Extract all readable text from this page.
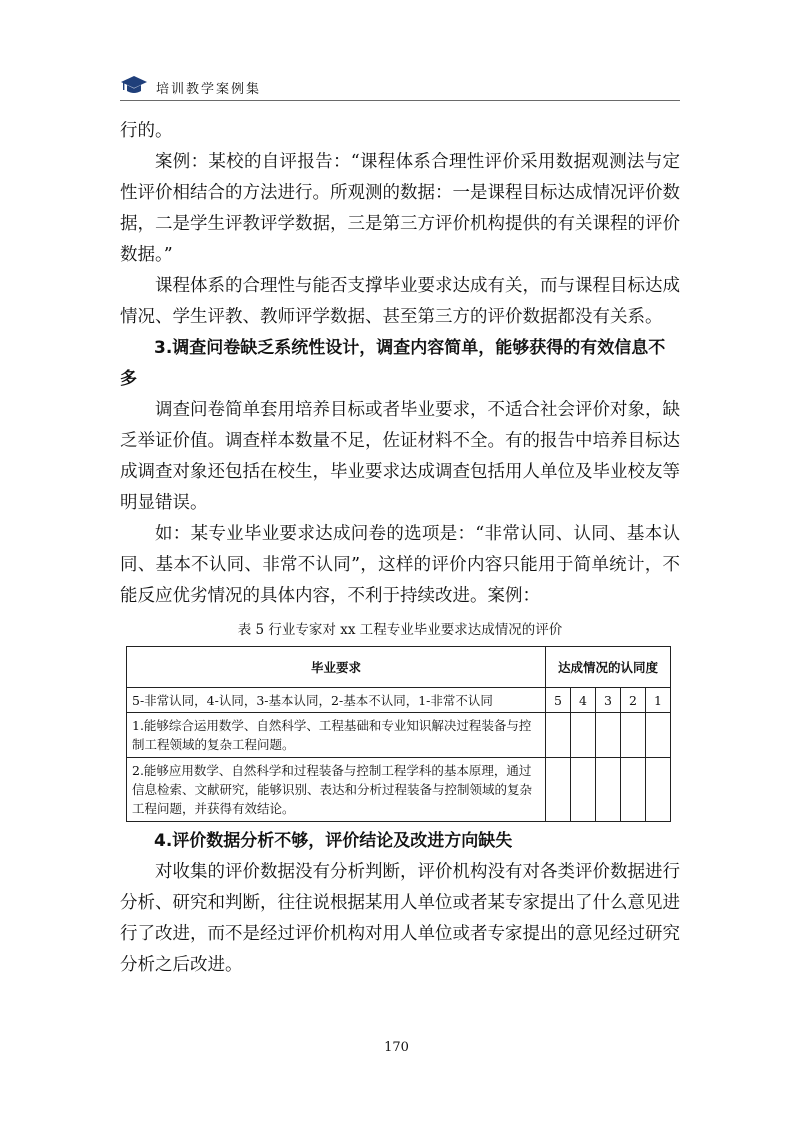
培训教学案例集

行的。

案例：某校的自评报告：“课程体系合理性评价采用数据观测法与定性评价相结合的方法进行。所观测的数据：一是课程目标达成情况评价数据，二是学生评教评学数据，三是第三方评价机构提供的有关课程的评价数据。”

课程体系的合理性与能否支撑毕业要求达成有关，而与课程目标达成情况、学生评教、教师评学数据、甚至第三方的评价数据都没有关系。

3.调查问卷缺乏系统性设计，调查内容简单，能够获得的有效信息不多

调查问卷简单套用培养目标或者毕业要求，不适合社会评价对象，缺乏举证价值。调查样本数量不足，佐证材料不全。有的报告中培养目标达成调查对象还包括在校生，毕业要求达成调查包括用人单位及毕业校友等明显错误。

如：某专业毕业要求达成问卷的选项是：“非常认同、认同、基本认同、基本不认同、非常不认同”，这样的评价内容只能用于简单统计，不能反应优劣情况的具体内容，不利于持续改进。案例：

表 5 行业专家对 xx 工程专业毕业要求达成情况的评价
毕业要求	达成情况的认同度				
5-非常认同，4-认同，3-基本认同，2-基本不认同，1-非常不认同	5	4	3	2	1
1.能够综合运用数学、自然科学、工程基础和专业知识解决过程装备与控制工程领域的复杂工程问题。					
2.能够应用数学、自然科学和过程装备与控制工程学科的基本原理，通过信息检索、文献研究，能够识别、表达和分析过程装备与控制领域的复杂工程问题，并获得有效结论。					

4.评价数据分析不够，评价结论及改进方向缺失

对收集的评价数据没有分析判断，评价机构没有对各类评价数据进行分析、研究和判断，往往说根据某用人单位或者某专家提出了什么意见进行了改进，而不是经过评价机构对用人单位或者专家提出的意见经过研究分析之后改进。

170
